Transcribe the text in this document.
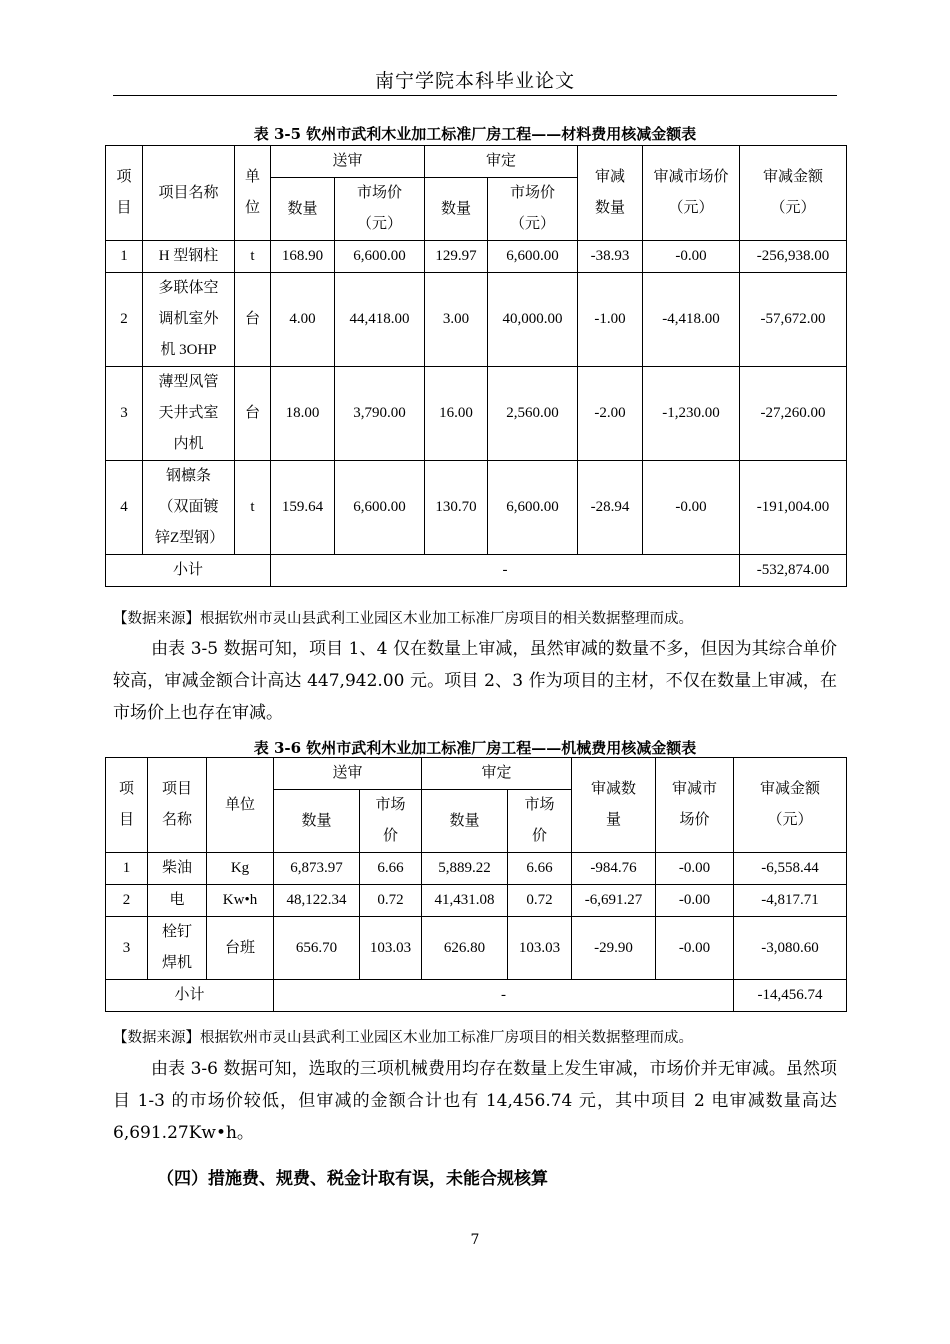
南宁学院本科毕业论文
表 3-5 钦州市武利木业加工标准厂房工程——材料费用核减金额表
项目	项目名称	单位	送审		审定		审减数量	审减市场价（元）	审减金额（元）
			数量	市场价（元）	数量	市场价（元）			
1	H 型钢柱	t	168.90	6,600.00	129.97	6,600.00	-38.93	-0.00	-256,938.00
2	多联体空调机室外机 3OHP	台	4.00	44,418.00	3.00	40,000.00	-1.00	-4,418.00	-57,672.00
3	薄型风管天井式室内机	台	18.00	3,790.00	16.00	2,560.00	-2.00	-1,230.00	-27,260.00
4	钢檩条（双面镀锌Z型钢）	t	159.64	6,600.00	130.70	6,600.00	-28.94	-0.00	-191,004.00
小计			-						-532,874.00
【数据来源】根据钦州市灵山县武利工业园区木业加工标准厂房项目的相关数据整理而成。
由表 3-5 数据可知，项目 1、4 仅在数量上审减，虽然审减的数量不多，但因为其综合单价较高，审减金额合计高达 447,942.00 元。项目 2、3 作为项目的主材，不仅在数量上审减，在市场价上也存在审减。
表 3-6 钦州市武利木业加工标准厂房工程——机械费用核减金额表
项目	项目名称	单位	送审		审定		审减数量	审减市场价	审减金额（元）
			数量	市场价	数量	市场价			
1	柴油	Kg	6,873.97	6.66	5,889.22	6.66	-984.76	-0.00	-6,558.44
2	电	Kw•h	48,122.34	0.72	41,431.08	0.72	-6,691.27	-0.00	-4,817.71
3	栓钉焊机	台班	656.70	103.03	626.80	103.03	-29.90	-0.00	-3,080.60
小计			-						-14,456.74
【数据来源】根据钦州市灵山县武利工业园区木业加工标准厂房项目的相关数据整理而成。
由表 3-6 数据可知，选取的三项机械费用均存在数量上发生审减，市场价并无审减。虽然项目 1-3 的市场价较低，但审减的金额合计也有 14,456.74 元，其中项目 2 电审减数量高达 6,691.27Kw•h。
（四）措施费、规费、税金计取有误，未能合规核算
7
